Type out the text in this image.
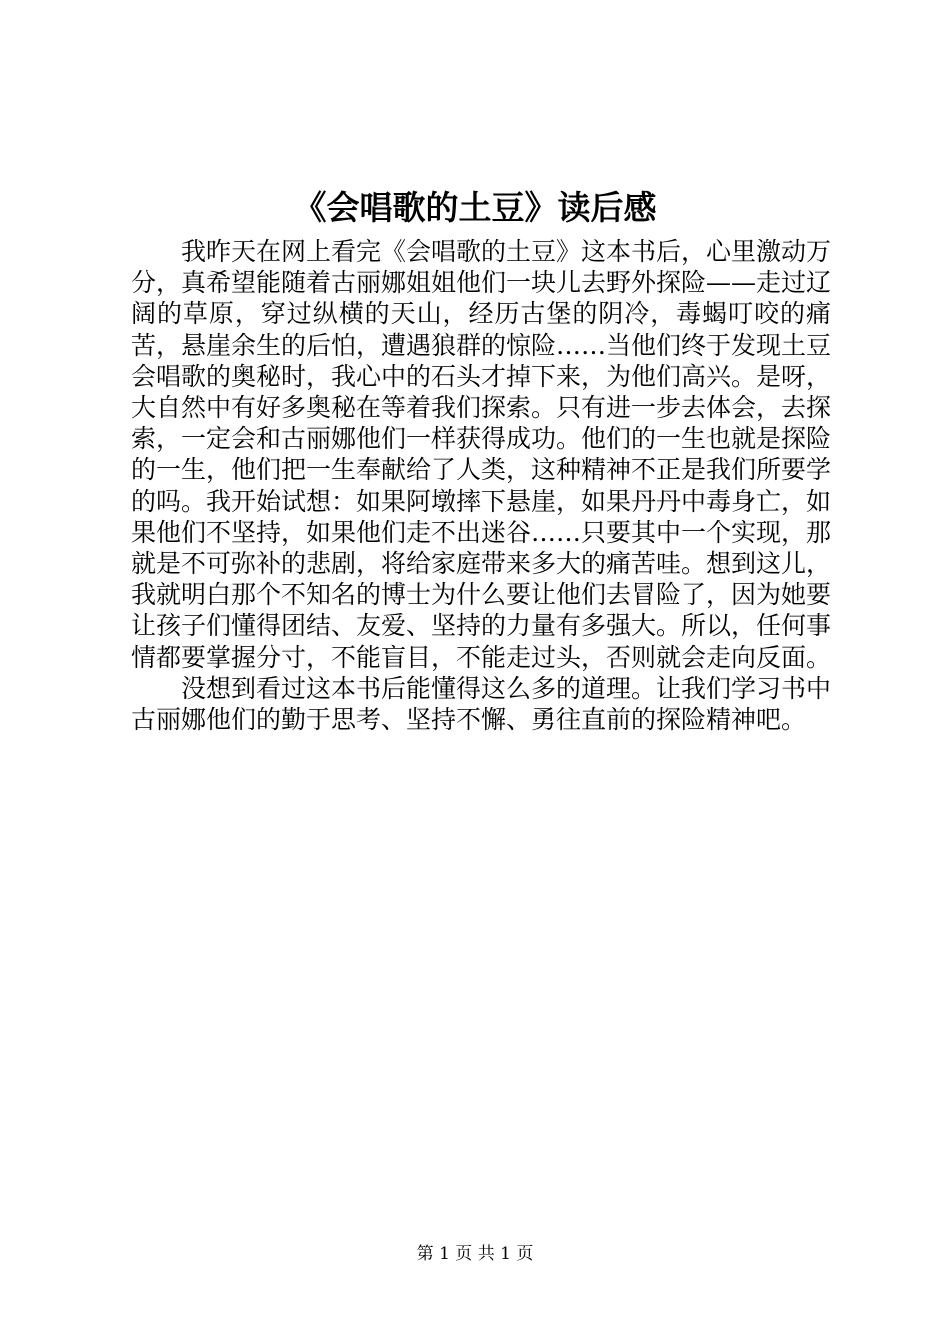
《会唱歌的土豆》读后感

我昨天在网上看完《会唱歌的土豆》这本书后，心里激动万分，真希望能随着古丽娜姐姐他们一块儿去野外探险——走过辽阔的草原，穿过纵横的天山，经历古堡的阴冷，毒蝎叮咬的痛苦，悬崖余生的后怕，遭遇狼群的惊险……当他们终于发现土豆会唱歌的奥秘时，我心中的石头才掉下来，为他们高兴。是呀，大自然中有好多奥秘在等着我们探索。只有进一步去体会，去探索，一定会和古丽娜他们一样获得成功。他们的一生也就是探险的一生，他们把一生奉献给了人类，这种精神不正是我们所要学的吗。我开始试想：如果阿墩摔下悬崖，如果丹丹中毒身亡，如果他们不坚持，如果他们走不出迷谷……只要其中一个实现，那就是不可弥补的悲剧，将给家庭带来多大的痛苦哇。想到这儿，我就明白那个不知名的博士为什么要让他们去冒险了，因为她要让孩子们懂得团结、友爱、坚持的力量有多强大。所以，任何事情都要掌握分寸，不能盲目，不能走过头，否则就会走向反面。

没想到看过这本书后能懂得这么多的道理。让我们学习书中古丽娜他们的勤于思考、坚持不懈、勇往直前的探险精神吧。

第 1 页 共 1 页
